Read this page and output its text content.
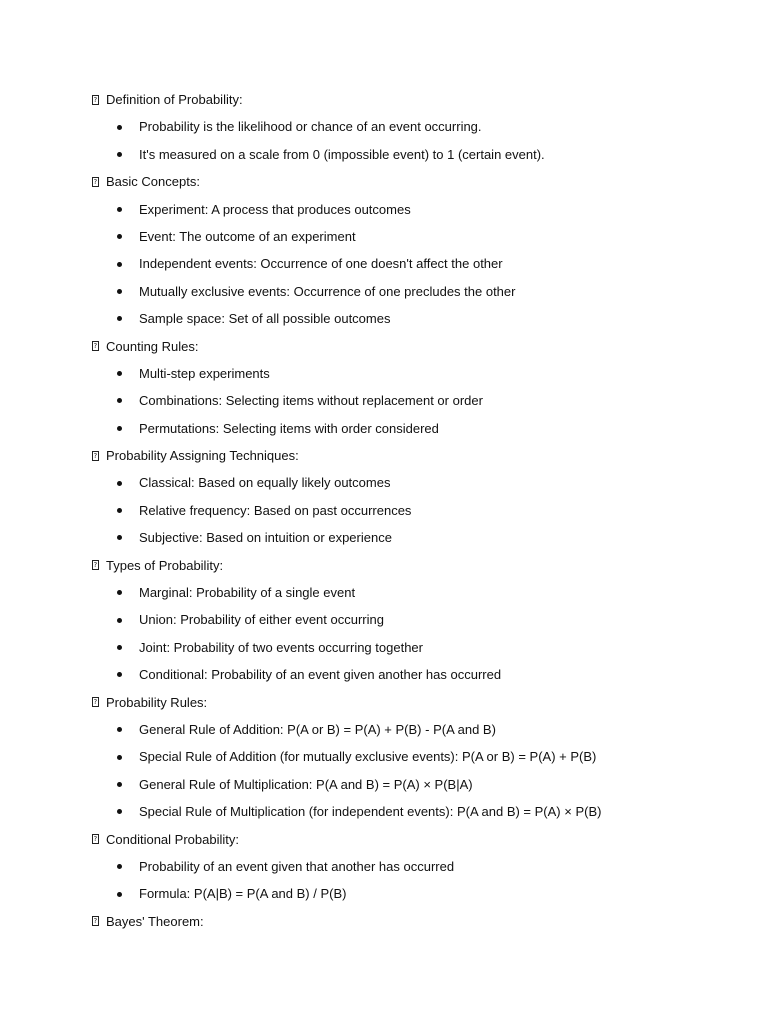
?
Definition of Probability:
Probability is the likelihood or chance of an event occurring.
It's measured on a scale from 0 (impossible event) to 1 (certain event).
?
Basic Concepts:
Experiment: A process that produces outcomes
Event: The outcome of an experiment
Independent events: Occurrence of one doesn't affect the other
Mutually exclusive events: Occurrence of one precludes the other
Sample space: Set of all possible outcomes
?
Counting Rules:
Multi-step experiments
Combinations: Selecting items without replacement or order
Permutations: Selecting items with order considered
?
Probability Assigning Techniques:
Classical: Based on equally likely outcomes
Relative frequency: Based on past occurrences
Subjective: Based on intuition or experience
?
Types of Probability:
Marginal: Probability of a single event
Union: Probability of either event occurring
Joint: Probability of two events occurring together
Conditional: Probability of an event given another has occurred
?
Probability Rules:
General Rule of Addition: P(A or B) = P(A) + P(B) - P(A and B)
Special Rule of Addition (for mutually exclusive events): P(A or B) = P(A) + P(B)
General Rule of Multiplication: P(A and B) = P(A) × P(B|A)
Special Rule of Multiplication (for independent events): P(A and B) = P(A) × P(B)
?
Conditional Probability:
Probability of an event given that another has occurred
Formula: P(A|B) = P(A and B) / P(B)
?
Bayes' Theorem:
